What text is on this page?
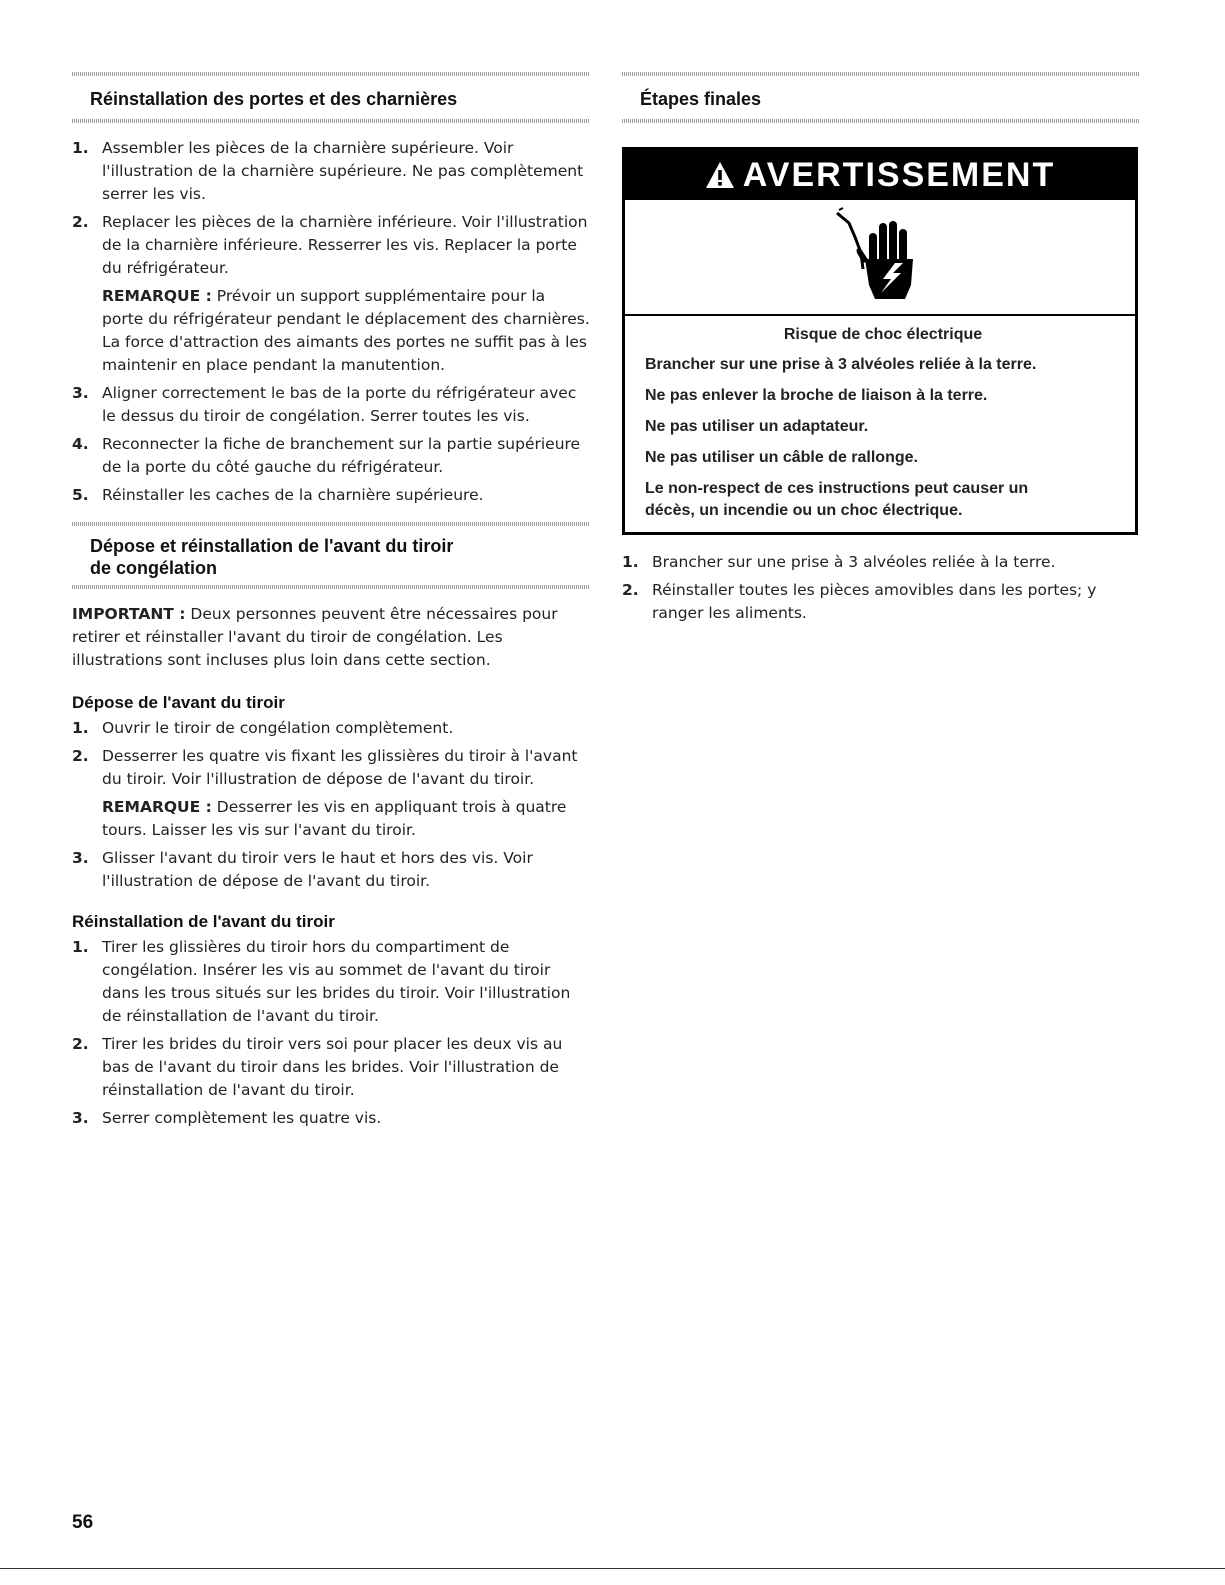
Réinstallation des portes et des charnières
1. Assembler les pièces de la charnière supérieure. Voir l'illustration de la charnière supérieure. Ne pas complètement serrer les vis.
2. Replacer les pièces de la charnière inférieure. Voir l'illustration de la charnière inférieure. Resserrer les vis. Replacer la porte du réfrigérateur.
REMARQUE : Prévoir un support supplémentaire pour la porte du réfrigérateur pendant le déplacement des charnières. La force d'attraction des aimants des portes ne suffit pas à les maintenir en place pendant la manutention.
3. Aligner correctement le bas de la porte du réfrigérateur avec le dessus du tiroir de congélation. Serrer toutes les vis.
4. Reconnecter la fiche de branchement sur la partie supérieure de la porte du côté gauche du réfrigérateur.
5. Réinstaller les caches de la charnière supérieure.
Dépose et réinstallation de l'avant du tiroir
de congélation

IMPORTANT : Deux personnes peuvent être nécessaires pour retirer et réinstaller l'avant du tiroir de congélation. Les illustrations sont incluses plus loin dans cette section.

Dépose de l'avant du tiroir
1. Ouvrir le tiroir de congélation complètement.
2. Desserrer les quatre vis fixant les glissières du tiroir à l'avant du tiroir. Voir l'illustration de dépose de l'avant du tiroir.
REMARQUE : Desserrer les vis en appliquant trois à quatre tours. Laisser les vis sur l'avant du tiroir.
3. Glisser l'avant du tiroir vers le haut et hors des vis. Voir l'illustration de dépose de l'avant du tiroir.
Réinstallation de l'avant du tiroir
1. Tirer les glissières du tiroir hors du compartiment de congélation. Insérer les vis au sommet de l'avant du tiroir dans les trous situés sur les brides du tiroir. Voir l'illustration de réinstallation de l'avant du tiroir.
2. Tirer les brides du tiroir vers soi pour placer les deux vis au bas de l'avant du tiroir dans les brides. Voir l'illustration de réinstallation de l'avant du tiroir.
3. Serrer complètement les quatre vis.
Étapes finales
AVERTISSEMENT
Risque de choc électrique

Brancher sur une prise à 3 alvéoles reliée à la terre.

Ne pas enlever la broche de liaison à la terre.

Ne pas utiliser un adaptateur.

Ne pas utiliser un câble de rallonge.

Le non-respect de ces instructions peut causer un décès, un incendie ou un choc électrique.

1. Brancher sur une prise à 3 alvéoles reliée à la terre.
2. Réinstaller toutes les pièces amovibles dans les portes; y ranger les aliments.
56
